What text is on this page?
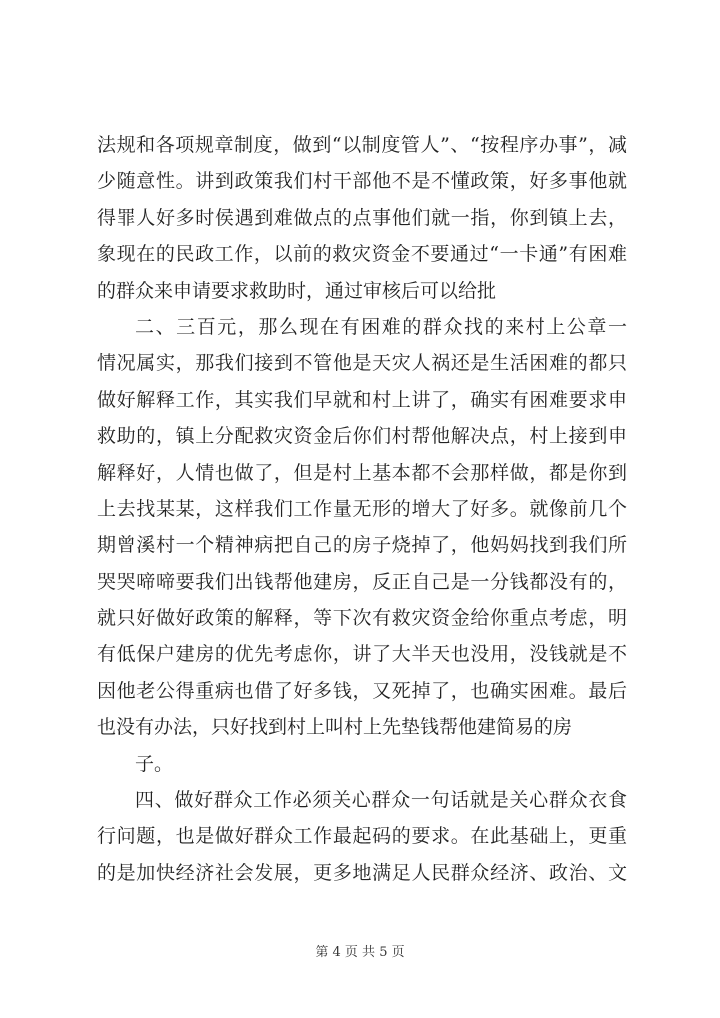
法规和各项规章制度，做到“以制度管人”、“按程序办事”，减
少随意性。讲到政策我们村干部他不是不懂政策，好多事他就
得罪人好多时侯遇到难做点的点事他们就一指，你到镇上去，
象现在的民政工作，以前的救灾资金不要通过“一卡通”有困难
的群众来申请要求救助时，通过审核后可以给批
二、三百元，那么现在有困难的群众找的来村上公章一
情况属实，那我们接到不管他是天灾人祸还是生活困难的都只
做好解释工作，其实我们早就和村上讲了，确实有困难要求申
救助的，镇上分配救灾资金后你们村帮他解决点，村上接到申
解释好，人情也做了，但是村上基本都不会那样做，都是你到
上去找某某，这样我们工作量无形的增大了好多。就像前几个
期曾溪村一个精神病把自己的房子烧掉了，他妈妈找到我们所
哭哭啼啼要我们出钱帮他建房，反正自己是一分钱都没有的，
就只好做好政策的解释，等下次有救灾资金给你重点考虑，明
有低保户建房的优先考虑你，讲了大半天也没用，没钱就是不
因他老公得重病也借了好多钱，又死掉了，也确实困难。最后
也没有办法，只好找到村上叫村上先垫钱帮他建简易的房
子。
四、做好群众工作必须关心群众一句话就是关心群众衣食
行问题，也是做好群众工作最起码的要求。在此基础上，更重
的是加快经济社会发展，更多地满足人民群众经济、政治、文
第 4 页 共 5 页
